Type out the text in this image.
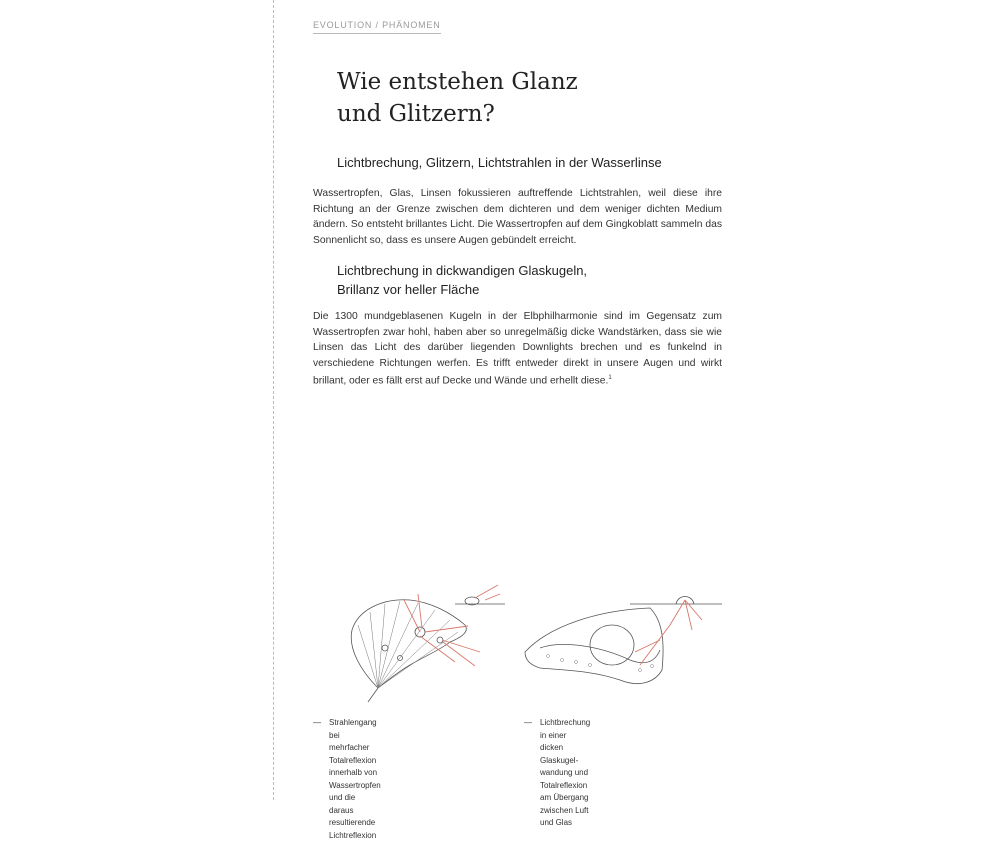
EVOLUTION / PHÄNOMEN
Wie entstehen Glanz
und Glitzern?
Lichtbrechung, Glitzern, Lichtstrahlen in der Wasserlinse

Wassertropfen, Glas, Linsen fokussieren auftreffende Lichtstrahlen, weil diese ihre Richtung an der Grenze zwischen dem dichteren und dem weniger dichten Medium ändern. So entsteht brillantes Licht. Die Wassertropfen auf dem Gingkoblatt sammeln das Sonnenlicht so, dass es unsere Augen gebündelt erreicht.

Lichtbrechung in dickwandigen Glaskugeln,
Brillanz vor heller Fläche

Die 1300 mundgeblasenen Kugeln in der Elbphilharmonie sind im Gegensatz zum Wassertropfen zwar hohl, haben aber so unregelmäßig dicke Wandstärken, dass sie wie Linsen das Licht des darüber liegenden Downlights brechen und es funkelnd in verschiedene Richtungen werfen. Es trifft entweder direkt in unsere Augen und wirkt brillant, oder es fällt erst auf Decke und Wände und erhellt diese.$^1$

— Strahlengang bei mehrfacher Totalreflexion
innerhalb von Wassertropfen und die daraus
resultierende Lichtreflexion
— Lichtbrechung in einer dicken Glaskugel-
wandung und Totalreflexion am Übergang
zwischen Luft und Glas
